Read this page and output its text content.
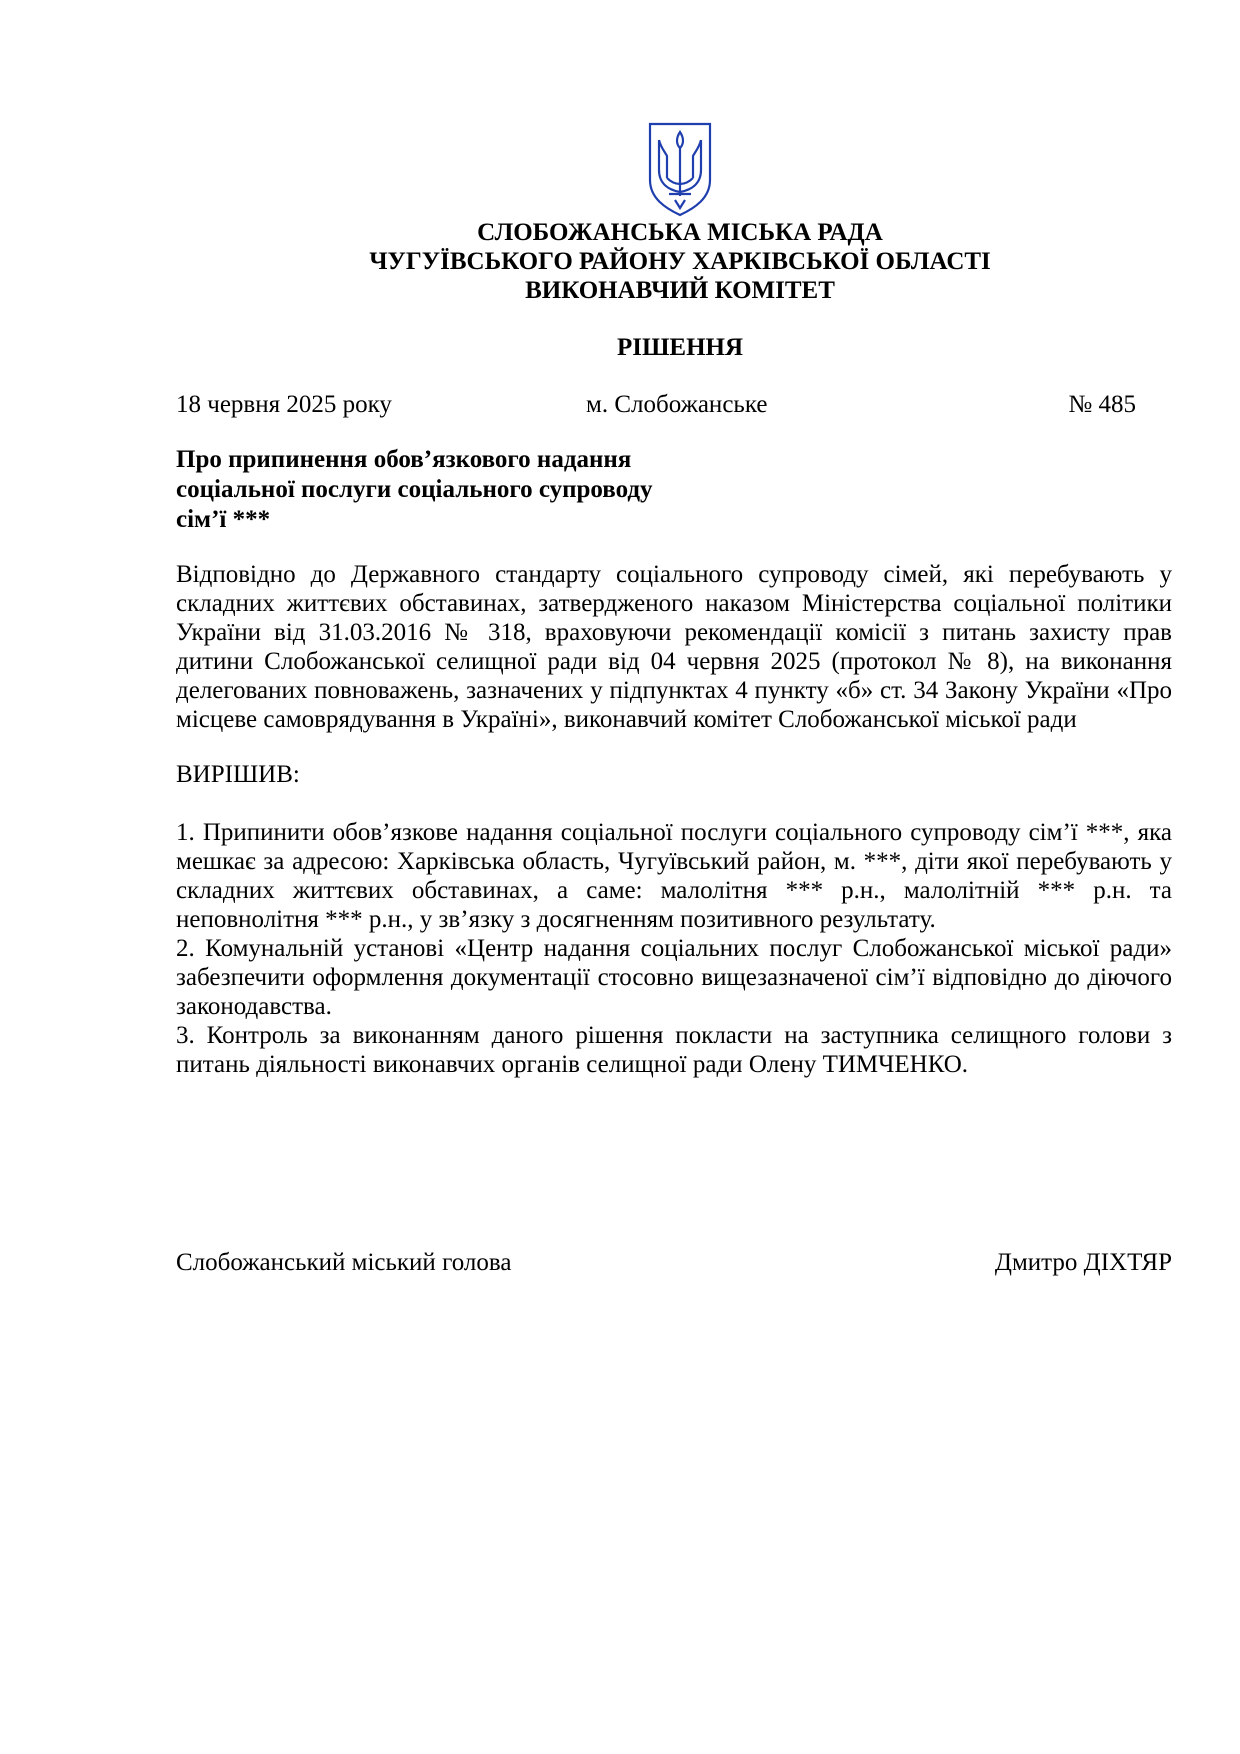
СЛОБОЖАНСЬКА МІСЬКА РАДА
ЧУГУЇВСЬКОГО РАЙОНУ ХАРКІВСЬКОЇ ОБЛАСТІ
ВИКОНАВЧИЙ КОМІТЕТ
РІШЕННЯ
18 червня 2025 року	м. Слобожанське	№ 485
Про припинення обов’язкового надання
соціальної послуги соціального супроводу
сім’ї ***
Відповідно до Державного стандарту соціального супроводу сімей, які перебувають у складних життєвих обставинах, затвердженого наказом Міністерства соціальної політики України від 31.03.2016 № 318, враховуючи рекомендації комісії з питань захисту прав дитини Слобожанської селищної ради від 04 червня 2025 (протокол № 8), на виконання делегованих повноважень, зазначених у підпунктах 4 пункту «б» ст. 34 Закону України «Про місцеве самоврядування в Україні», виконавчий комітет Слобожанської міської ради
ВИРІШИВ:

1. Припинити обов’язкове надання соціальної послуги соціального супроводу сім’ї ***, яка мешкає за адресою: Харківська область, Чугуївський район, м. ***, діти якої перебувають у складних життєвих обставинах, а саме: малолітня *** р.н., малолітній *** р.н. та неповнолітня *** р.н., у зв’язку з досягненням позитивного результату.

2. Комунальній установі «Центр надання соціальних послуг Слобожанської міської ради» забезпечити оформлення документації стосовно вищезазначеної сім’ї відповідно до діючого законодавства.

3. Контроль за виконанням даного рішення покласти на заступника селищного голови з питань діяльності виконавчих органів селищної ради Олену ТИМЧЕНКО.

Слобожанський міський голова	Дмитро ДІХТЯР
